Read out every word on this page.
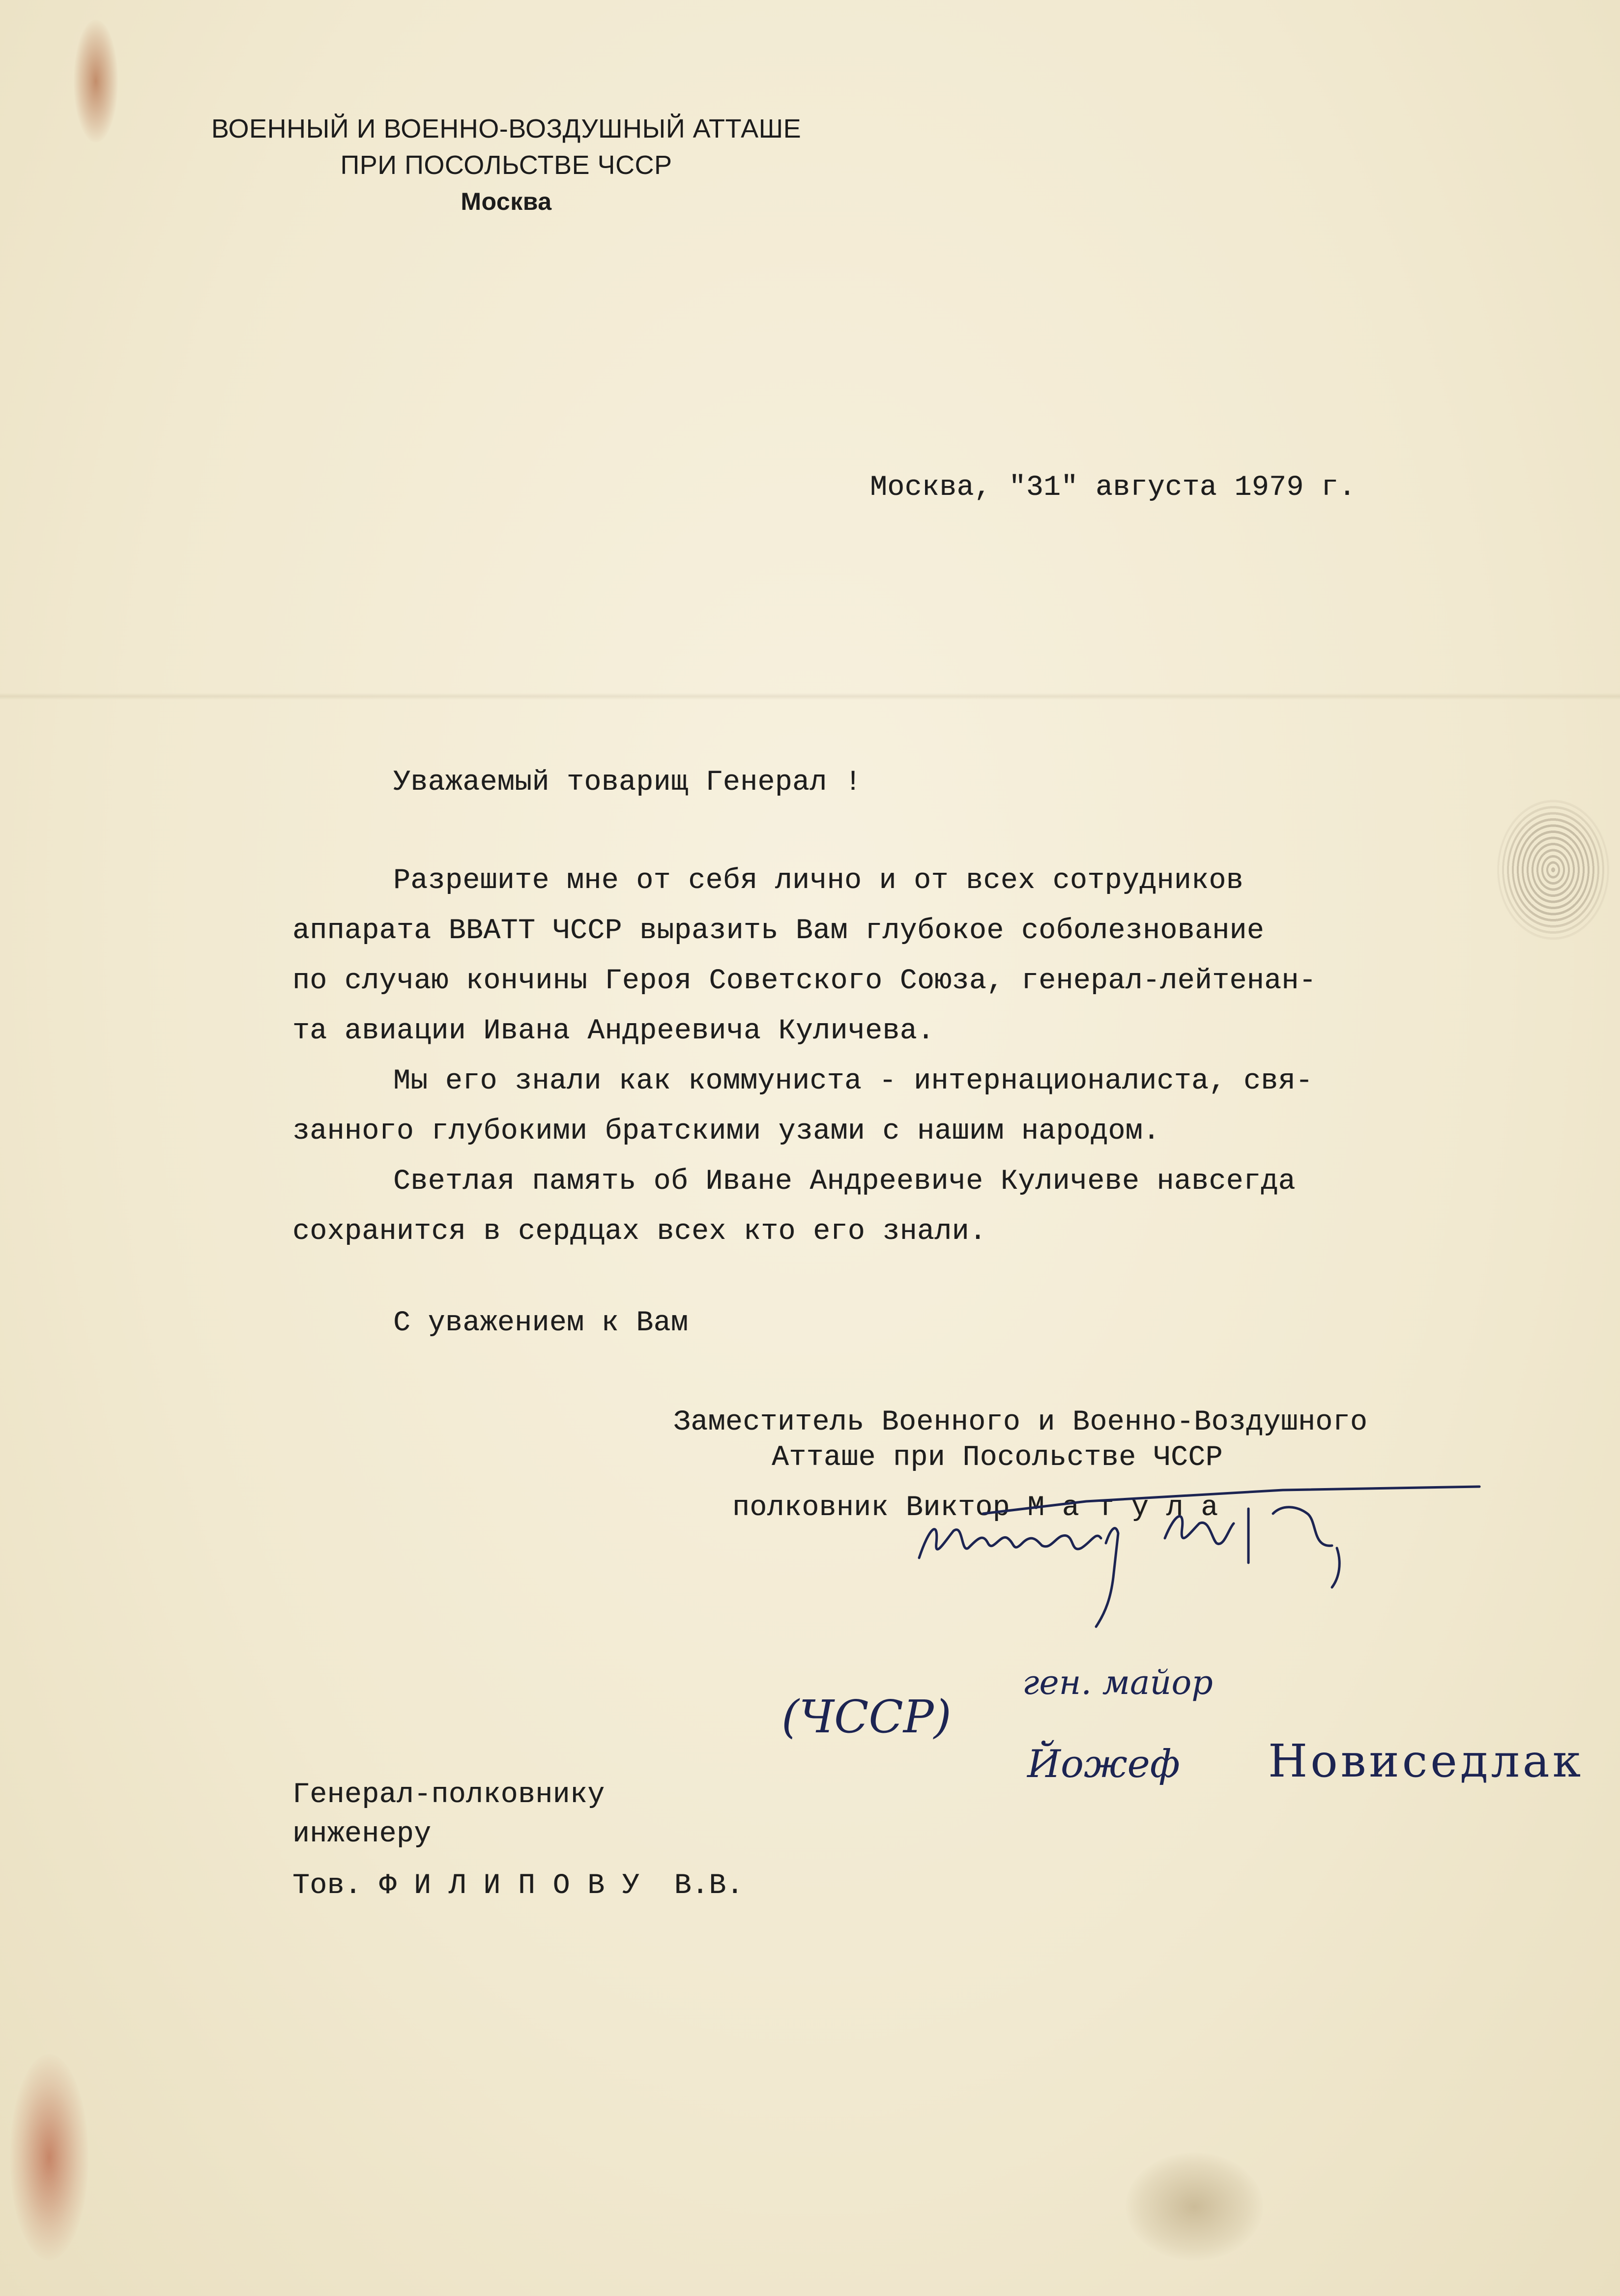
ВОЕННЫЙ И ВОЕННО-ВОЗДУШНЫЙ АТТАШЕ
ПРИ ПОСОЛЬСТВЕ ЧССР
Москва
Москва, "31" августа 1979 г.
Уважаемый товарищ Генерал !
Разрешите мне от себя лично и от всех сотрудников
аппарата ВВАТТ ЧССР выразить Вам глубокое соболезнование
по случаю кончины Героя Советского Союза, генерал-лейтенан-
та авиации Ивана Андреевича Куличева.
Мы его знали как коммуниста - интернационалиста, свя-
занного глубокими братскими узами с нашим народом.
Светлая память об Иване Андреевиче Куличеве навсегда
сохранится в сердцах всех кто его знали.
С уважением к Вам
Заместитель Военного и Военно-Воздушного
Атташе при Посольстве ЧССР
полковник Виктор М а т у л а
(ЧССР)
ген. майор
Йожеф Новиседлак
Генерал-полковнику
инженеру
Тов. Ф И Л И П О В У  В.В.
